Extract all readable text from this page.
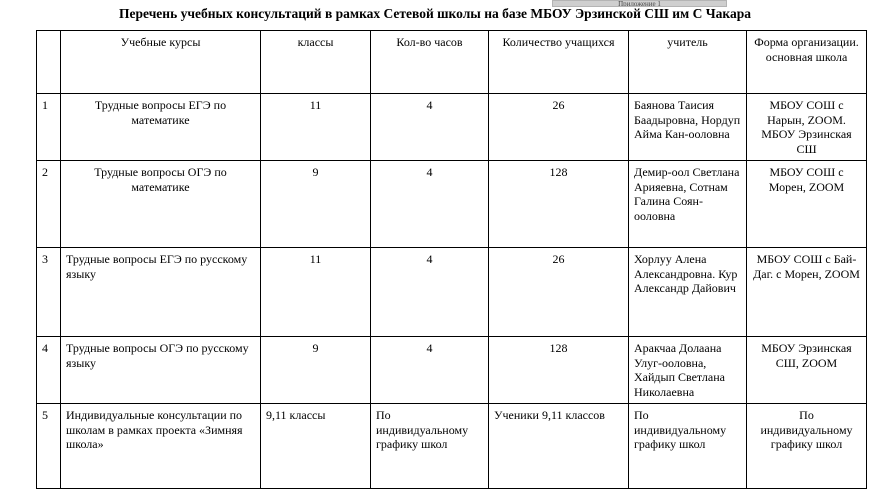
Приложение 1
Перечень учебных консультаций в рамках Сетевой школы на базе МБОУ Эрзинской СШ им С Чакара
	Учебные курсы	классы	Кол-во часов	Количество учащихся	учитель	Форма организации. основная школа
1	Трудные вопросы ЕГЭ по математике	11	4	26	Баянова Таисия Баадыровна, Нордуп Айма Кан-ооловна	МБОУ СОШ с Нарын, ZOOM. МБОУ Эрзинская СШ
2	Трудные вопросы ОГЭ по математике	9	4	128	Демир-оол Светлана Арияевна, Сотнам Галина Соян-ооловна	МБОУ СОШ с Морен, ZOOM
3	Трудные вопросы ЕГЭ по русскому языку	11	4	26	Хорлуу Алена Александровна. Кур Александр Дайович	МБОУ СОШ с Бай-Даг. с Морен, ZOOM
4	Трудные вопросы ОГЭ по русскому языку	9	4	128	Аракчаа Долаана Улуг-ооловна, Хайдып Светлана Николаевна	МБОУ Эрзинская СШ, ZOOM
5	Индивидуальные консультации по школам в рамках проекта «Зимняя школа»	9,11 классы	По индивидуальному графику школ	Ученики 9,11 классов	По индивидуальному графику школ	По индивидуальному графику школ
